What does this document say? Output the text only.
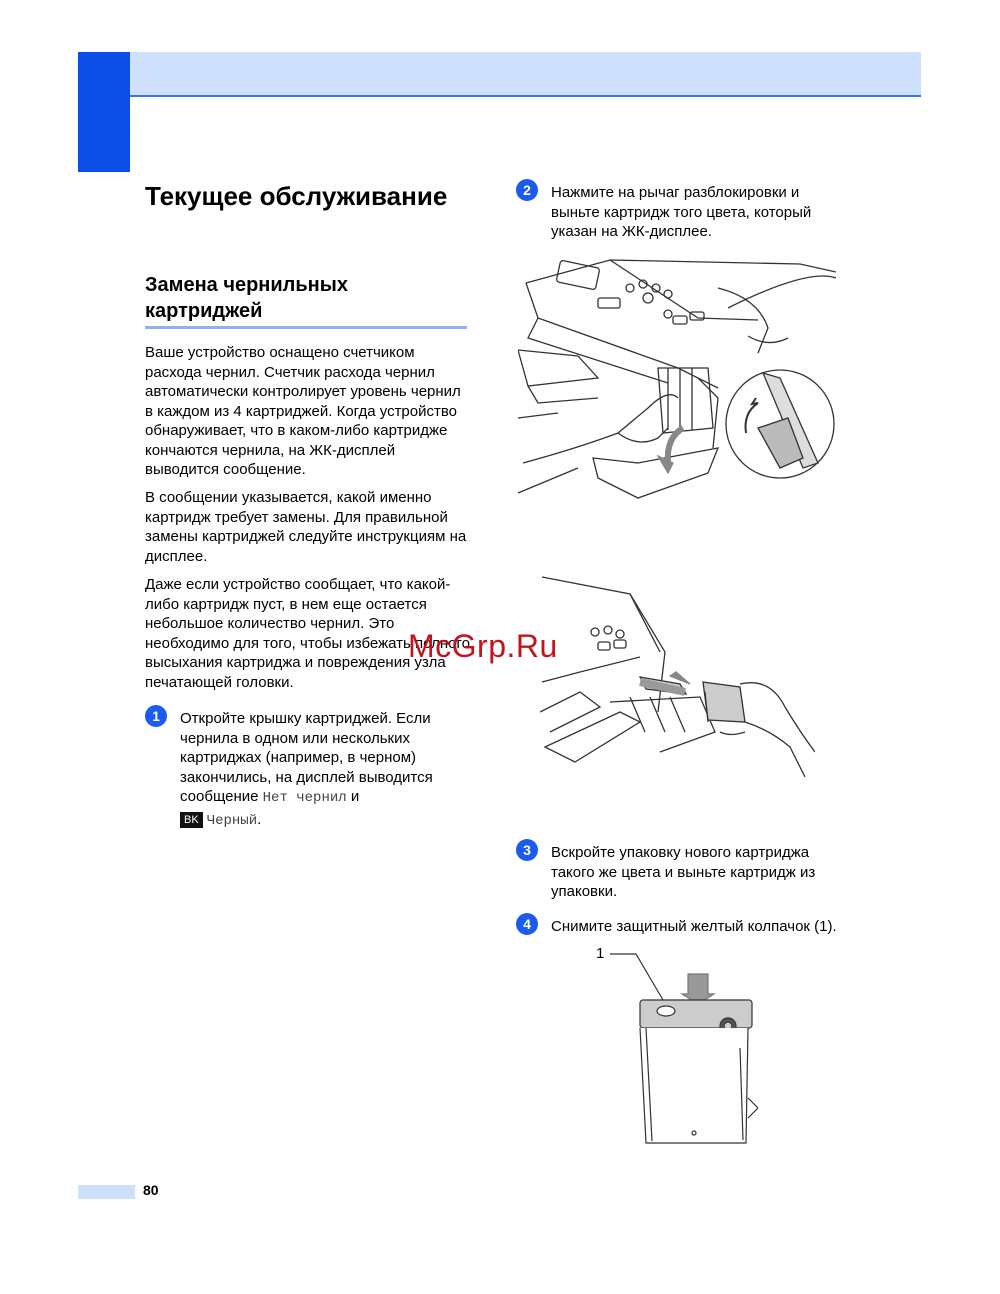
Текущее обслуживание
Замена чернильных картриджей

Ваше устройство оснащено счетчиком расхода чернил. Счетчик расхода чернил автоматически контролирует уровень чернил в каждом из 4 картриджей. Когда устройство обнаруживает, что в каком-либо картридже кончаются чернила, на ЖК-дисплей выводится сообщение.

В сообщении указывается, какой именно картридж требует замены. Для правильной замены картриджей следуйте инструкциям на дисплее.

Даже если устройство сообщает, что какой-либо картридж пуст, в нем еще остается небольшое количество чернил. Это необходимо для того, чтобы избежать полного высыхания картриджа и повреждения узла печатающей головки.

1	Откройте крышку картриджей. Если чернила в одном или нескольких картриджах (например, в черном) закончились, на дисплей выводится сообщение Нет чернил и

BK Черный.

2	Нажмите на рычаг разблокировки и выньте картридж того цвета, который указан на ЖК-дисплее.

McGrp.Ru
3	Вскройте упаковку нового картриджа такого же цвета и выньте картридж из упаковки.

4	Снимите защитный желтый колпачок (1).

1
80
